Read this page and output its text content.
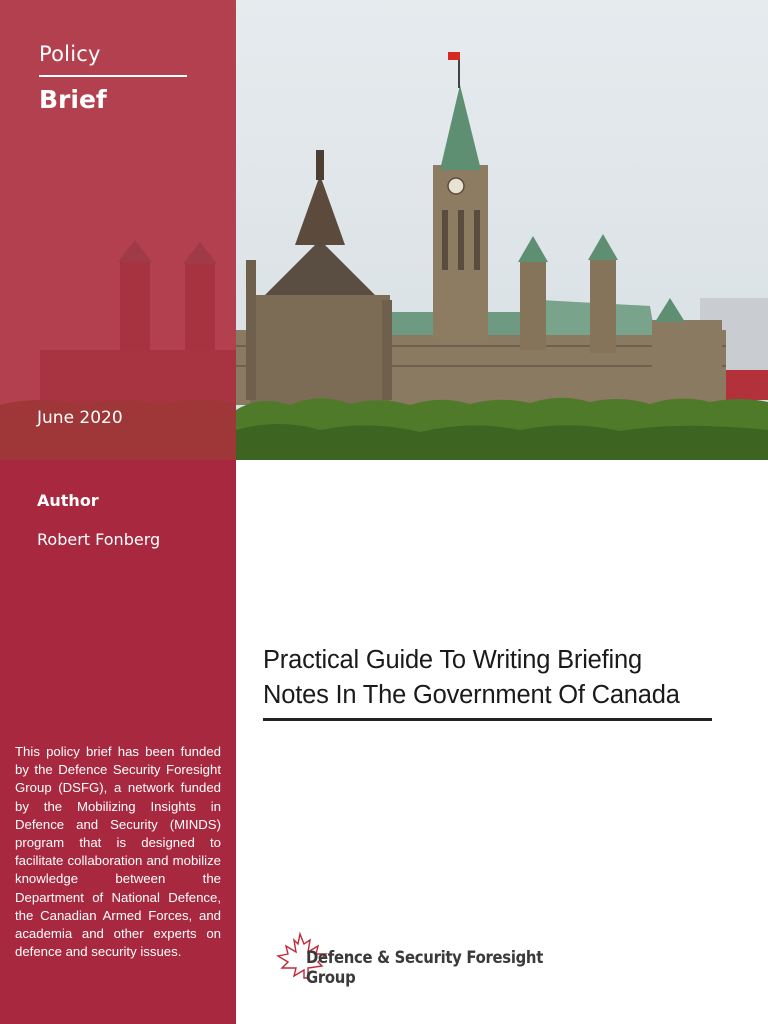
Policy
Brief
June 2020
Author
Robert Fonberg
This policy brief has been funded by the Defence Security Foresight Group (DSFG), a network funded by the Mobilizing Insights in Defence and Security (MINDS) program that is designed to facilitate collaboration and mobilize knowledge between the Department of National Defence, the Canadian Armed Forces, and academia and other experts on defence and security issues.
Practical Guide To Writing Briefing
Notes In The Government Of Canada
Defence & Security Foresight
Group
